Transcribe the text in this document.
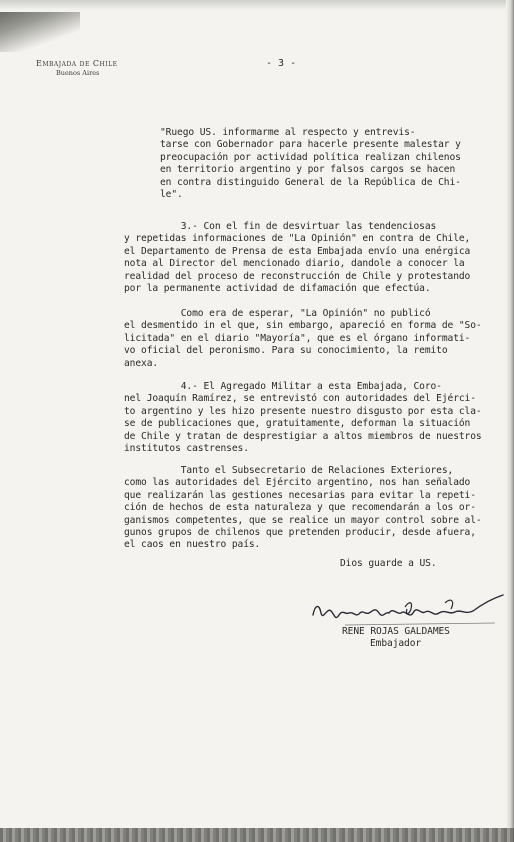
Embajada de Chile
Buenos Aires
- 3 -
"Ruego US. informarme al respecto y entrevis-
tarse con Gobernador para hacerle presente malestar y
preocupación por actividad política realizan chilenos
en territorio argentino y por falsos cargos se hacen
en contra distinguido General de la República de Chi-
le".
3.- Con el fin de desvirtuar las tendenciosas
y repetidas informaciones de "La Opinión" en contra de Chile,
el Departamento de Prensa de esta Embajada envío una enérgica
nota al Director del mencionado diario, dandole a conocer la
realidad del proceso de reconstrucción de Chile y protestando
por la permanente actividad de difamación que efectúa.
Como era de esperar, "La Opinión" no publicó
el desmentido in el que, sin embargo, apareció en forma de "So-
licitada" en el diario "Mayoría", que es el órgano informati-
vo oficial del peronismo. Para su conocimiento, la remito
anexa.
4.- El Agregado Militar a esta Embajada, Coro-
nel Joaquín Ramírez, se entrevistó con autoridades del Ejérci-
to argentino y les hizo presente nuestro disgusto por esta cla-
se de publicaciones que, gratuitamente, deforman la situación
de Chile y tratan de desprestigiar a altos miembros de nuestros
institutos castrenses.
Tanto el Subsecretario de Relaciones Exteriores,
como las autoridades del Ejército argentino, nos han señalado
que realizarán las gestiones necesarias para evitar la repeti-
ción de hechos de esta naturaleza y que recomendarán a los or-
ganismos competentes, que se realice un mayor control sobre al-
gunos grupos de chilenos que pretenden producir, desde afuera,
el caos en nuestro país.
Dios guarde a US.
RENE ROJAS GALDAMES
Embajador
